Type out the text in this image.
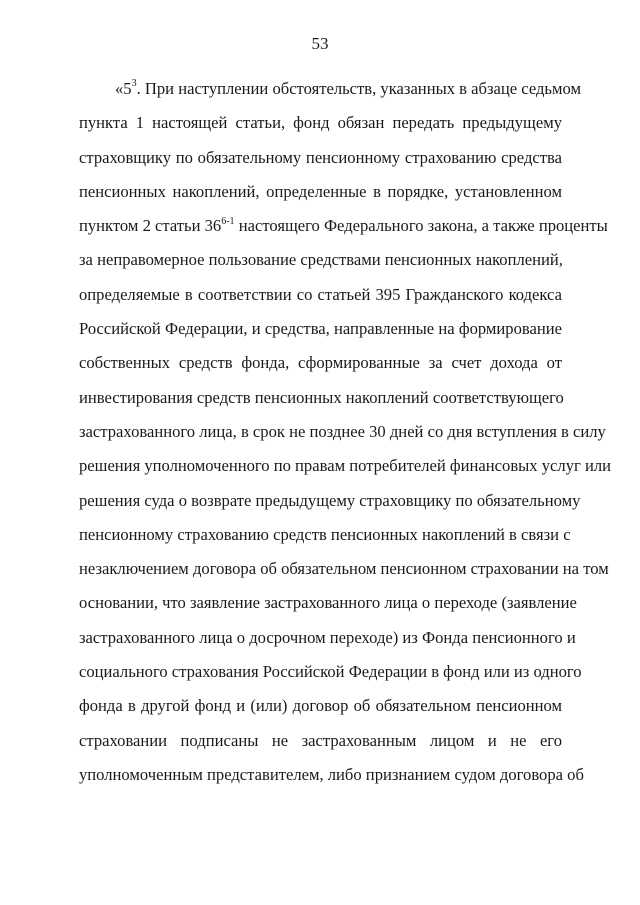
53
«$5^3$. При наступлении обстоятельств, указанных в абзаце седьмом
пункта 1 настоящей статьи, фонд обязан передать предыдущему
страховщику по обязательному пенсионному страхованию средства
пенсионных накоплений, определенные в порядке, установленном
пунктом 2 статьи 36$^{6-1}$ настоящего Федерального закона, а также проценты
за неправомерное пользование средствами пенсионных накоплений,
определяемые в соответствии со статьей 395 Гражданского кодекса
Российской Федерации, и средства, направленные на формирование
собственных средств фонда, сформированные за счет дохода от
инвестирования средств пенсионных накоплений соответствующего
застрахованного лица, в срок не позднее 30 дней со дня вступления в силу
решения уполномоченного по правам потребителей финансовых услуг или
решения суда о возврате предыдущему страховщику по обязательному
пенсионному страхованию средств пенсионных накоплений в связи с
незаключением договора об обязательном пенсионном страховании на том
основании, что заявление застрахованного лица о переходе (заявление
застрахованного лица о досрочном переходе) из Фонда пенсионного и
социального страхования Российской Федерации в фонд или из одного
фонда в другой фонд и (или) договор об обязательном пенсионном
страховании подписаны не застрахованным лицом и не его
уполномоченным представителем, либо признанием судом договора об
